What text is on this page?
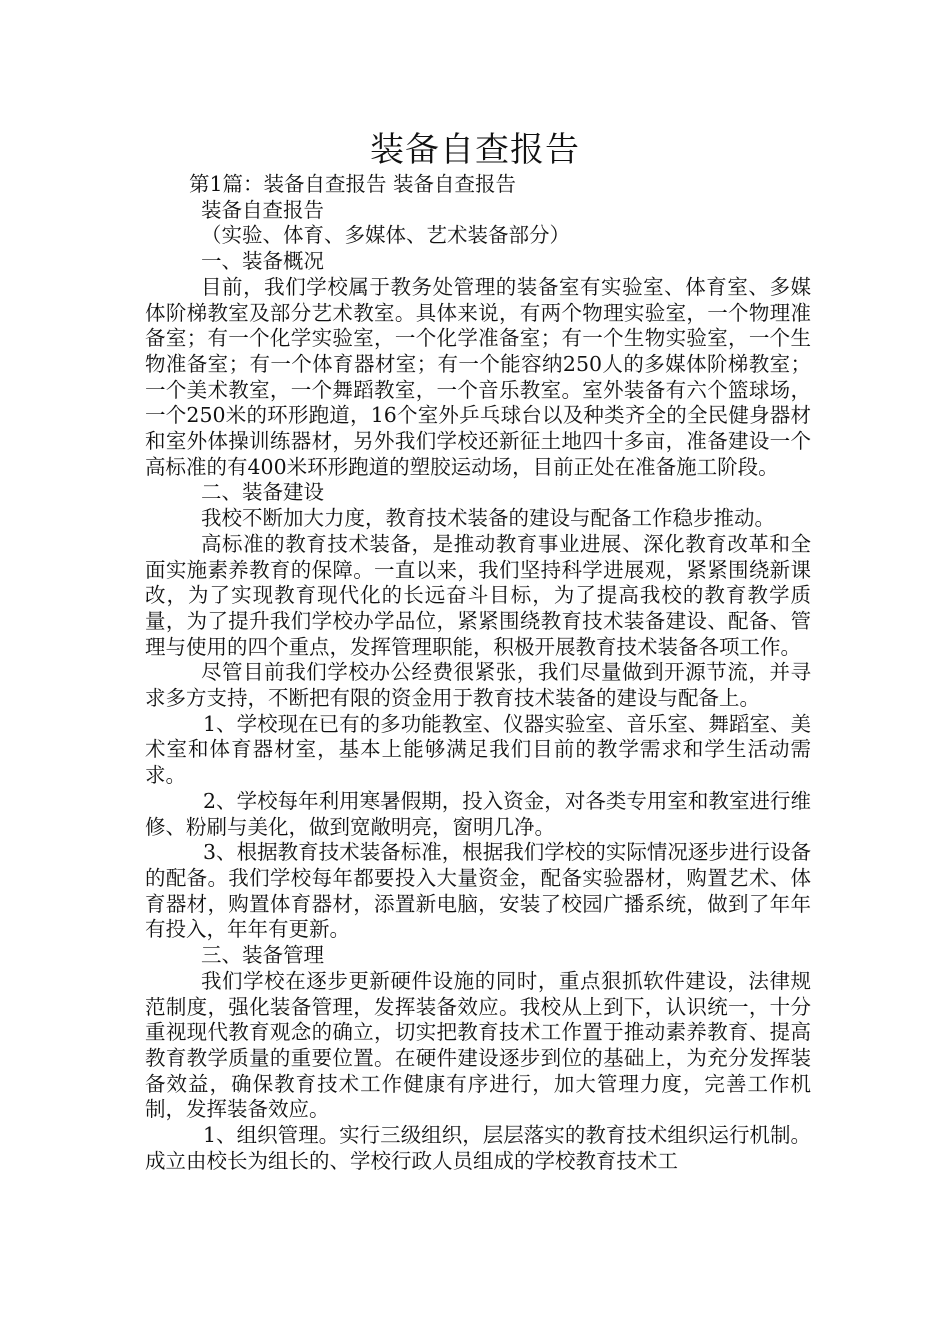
装备自查报告

第1篇：装备自查报告 装备自查报告

装备自查报告

（实验、体育、多媒体、艺术装备部分）

一、装备概况

目前，我们学校属于教务处管理的装备室有实验室、体育室、多媒体阶梯教室及部分艺术教室。具体来说，有两个物理实验室，一个物理准备室；有一个化学实验室，一个化学准备室；有一个生物实验室，一个生物准备室；有一个体育器材室；有一个能容纳250人的多媒体阶梯教室；一个美术教室，一个舞蹈教室，一个音乐教室。室外装备有六个篮球场，一个250米的环形跑道，16个室外乒乓球台以及种类齐全的全民健身器材和室外体操训练器材，另外我们学校还新征土地四十多亩，准备建设一个高标准的有400米环形跑道的塑胶运动场，目前正处在准备施工阶段。

二、装备建设

我校不断加大力度，教育技术装备的建设与配备工作稳步推动。

高标准的教育技术装备，是推动教育事业进展、深化教育改革和全面实施素养教育的保障。一直以来，我们坚持科学进展观，紧紧围绕新课改，为了实现教育现代化的长远奋斗目标，为了提高我校的教育教学质量，为了提升我们学校办学品位，紧紧围绕教育技术装备建设、配备、管理与使用的四个重点，发挥管理职能，积极开展教育技术装备各项工作。

尽管目前我们学校办公经费很紧张，我们尽量做到开源节流，并寻求多方支持，不断把有限的资金用于教育技术装备的建设与配备上。

1、学校现在已有的多功能教室、仪器实验室、音乐室、舞蹈室、美术室和体育器材室，基本上能够满足我们目前的教学需求和学生活动需求。

2、学校每年利用寒暑假期，投入资金，对各类专用室和教室进行维修、粉刷与美化，做到宽敞明亮，窗明几净。

3、根据教育技术装备标准，根据我们学校的实际情况逐步进行设备的配备。我们学校每年都要投入大量资金，配备实验器材，购置艺术、体育器材，购置体育器材，添置新电脑，安装了校园广播系统，做到了年年有投入，年年有更新。

三、装备管理

我们学校在逐步更新硬件设施的同时，重点狠抓软件建设，法律规范制度，强化装备管理，发挥装备效应。我校从上到下，认识统一，十分重视现代教育观念的确立，切实把教育技术工作置于推动素养教育、提高教育教学质量的重要位置。在硬件建设逐步到位的基础上，为充分发挥装备效益，确保教育技术工作健康有序进行，加大管理力度，完善工作机制，发挥装备效应。

1、组织管理。实行三级组织，层层落实的教育技术组织运行机制。成立由校长为组长的、学校行政人员组成的学校教育技术工
